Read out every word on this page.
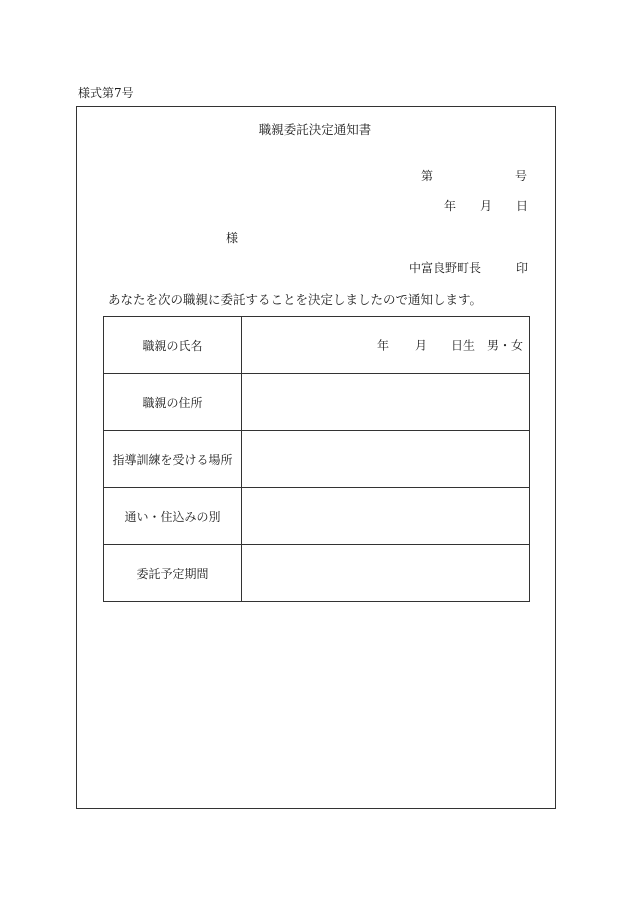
様式第7号
職親委託決定通知書
第	号
年 月 日
様
中富良野町長	印
あなたを次の職親に委託することを決定しましたので通知します。
職親の氏名	年 月 日生 男・女

職親の住所	
指導訓練を受ける場所	
通い・住込みの別	
委託予定期間	
